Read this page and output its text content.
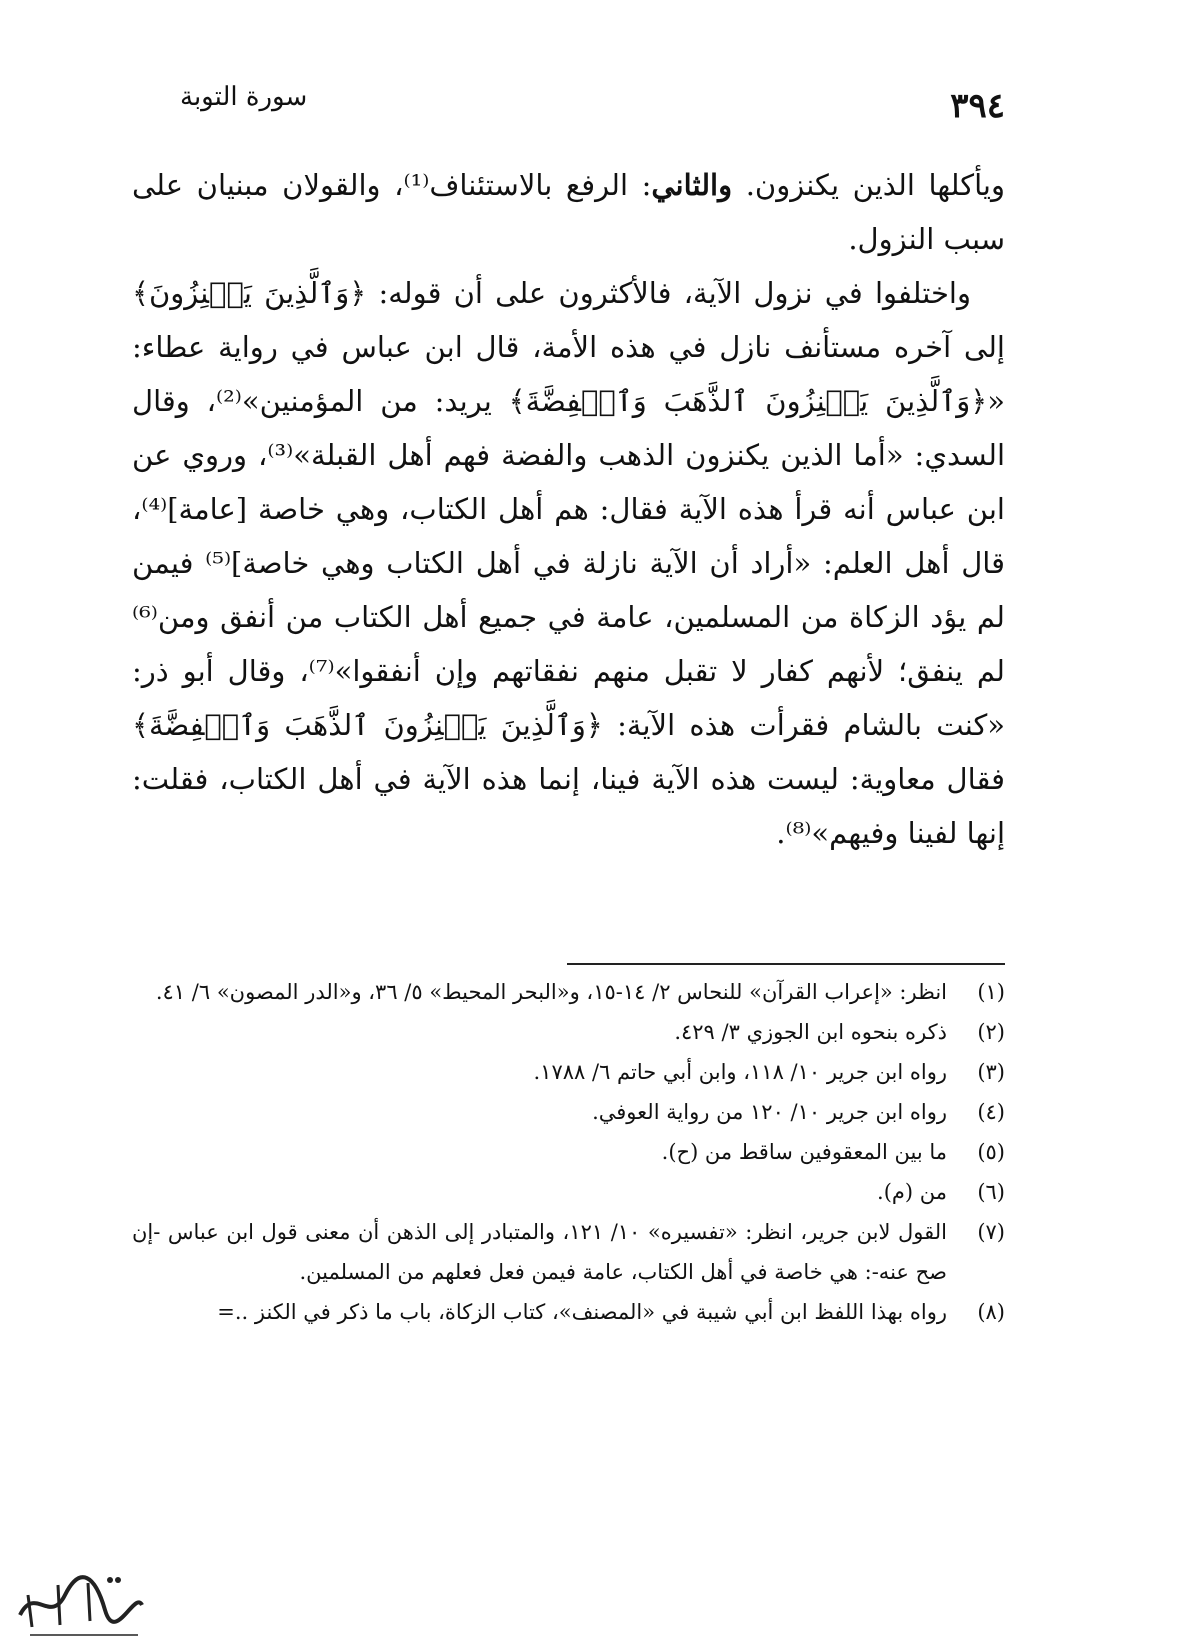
سورة التوبة	٣٩٤

ويأكلها الذين يكنزون. والثاني: الرفع بالاستئناف⁽¹⁾، والقولان مبنيان على سبب النزول.

واختلفوا في نزول الآية، فالأكثرون على أن قوله: ﴿وَٱلَّذِينَ يَكۡنِزُونَ﴾ إلى آخره مستأنف نازل في هذه الأمة، قال ابن عباس في رواية عطاء: «﴿وَٱلَّذِينَ يَكۡنِزُونَ ٱلذَّهَبَ وَٱلۡفِضَّةَ﴾ يريد: من المؤمنين»⁽²⁾، وقال السدي: «أما الذين يكنزون الذهب والفضة فهم أهل القبلة»⁽³⁾، وروي عن ابن عباس أنه قرأ هذه الآية فقال: هم أهل الكتاب، وهي خاصة [عامة]⁽⁴⁾، قال أهل العلم: «أراد أن الآية نازلة في أهل الكتاب وهي خاصة]⁽⁵⁾ فيمن لم يؤد الزكاة من المسلمين، عامة في جميع أهل الكتاب من أنفق ومن⁽⁶⁾ لم ينفق؛ لأنهم كفار لا تقبل منهم نفقاتهم وإن أنفقوا»⁽⁷⁾، وقال أبو ذر: «كنت بالشام فقرأت هذه الآية: ﴿وَٱلَّذِينَ يَكۡنِزُونَ ٱلذَّهَبَ وَٱلۡفِضَّةَ﴾ فقال معاوية: ليست هذه الآية فينا، إنما هذه الآية في أهل الكتاب، فقلت: إنها لفينا وفيهم»⁽⁸⁾.

(١)
انظر: «إعراب القرآن» للنحاس ٢/ ١٤-١٥، و«البحر المحيط» ٥/ ٣٦، و«الدر المصون» ٦/ ٤١.
(٢)
ذكره بنحوه ابن الجوزي ٣/ ٤٢٩.
(٣)
رواه ابن جرير ١٠/ ١١٨، وابن أبي حاتم ٦/ ١٧٨٨.
(٤)
رواه ابن جرير ١٠/ ١٢٠ من رواية العوفي.
(٥)
ما بين المعقوفين ساقط من (ح).
(٦)
من (م).
(٧)
القول لابن جرير، انظر: «تفسيره» ١٠/ ١٢١، والمتبادر إلى الذهن أن معنى قول ابن عباس -إن صح عنه-: هي خاصة في أهل الكتاب، عامة فيمن فعل فعلهم من المسلمين.
(٨)
رواه بهذا اللفظ ابن أبي شيبة في «المصنف»، كتاب الزكاة، باب ما ذكر في الكنز ..=
